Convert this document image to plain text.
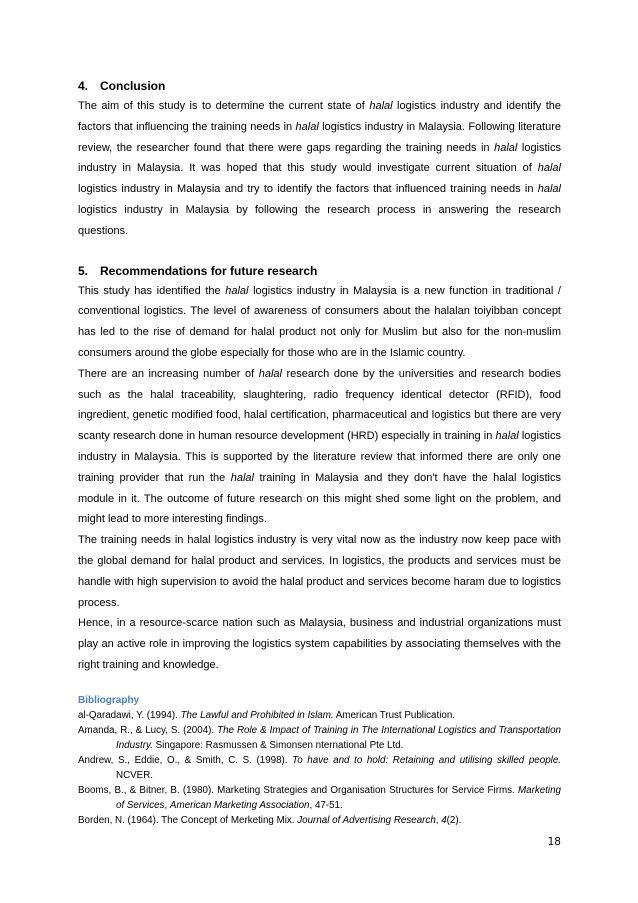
4. Conclusion

The aim of this study is to determine the current state of halal logistics industry and identify the factors that influencing the training needs in halal logistics industry in Malaysia. Following literature review, the researcher found that there were gaps regarding the training needs in halal logistics industry in Malaysia. It was hoped that this study would investigate current situation of halal logistics industry in Malaysia and try to identify the factors that influenced training needs in halal logistics industry in Malaysia by following the research process in answering the research questions.

5. Recommendations for future research

This study has identified the halal logistics industry in Malaysia is a new function in traditional / conventional logistics. The level of awareness of consumers about the halalan toiyibban concept has led to the rise of demand for halal product not only for Muslim but also for the non-muslim consumers around the globe especially for those who are in the Islamic country.

There are an increasing number of halal research done by the universities and research bodies such as the halal traceability, slaughtering, radio frequency identical detector (RFID), food ingredient, genetic modified food, halal certification, pharmaceutical and logistics but there are very scanty research done in human resource development (HRD) especially in training in halal logistics industry in Malaysia. This is supported by the literature review that informed there are only one training provider that run the halal training in Malaysia and they don't have the halal logistics module in it. The outcome of future research on this might shed some light on the problem, and might lead to more interesting findings.

The training needs in halal logistics industry is very vital now as the industry now keep pace with the global demand for halal product and services. In logistics, the products and services must be handle with high supervision to avoid the halal product and services become haram due to logistics process.

Hence, in a resource-scarce nation such as Malaysia, business and industrial organizations must play an active role in improving the logistics system capabilities by associating themselves with the right training and knowledge.

Bibliography

al-Qaradawi, Y. (1994). The Lawful and Prohibited in Islam. American Trust Publication.

Amanda, R., & Lucy, S. (2004). The Role & Impact of Training in The International Logistics and Transportation Industry. Singapore: Rasmussen & Simonsen nternational Pte Ltd.

Andrew, S., Eddie, O., & Smith, C. S. (1998). To have and to hold: Retaining and utilising skilled people. NCVER.

Booms, B., & Bitner, B. (1980). Marketing Strategies and Organisation Structures for Service Firms. Marketing of Services, American Marketing Association, 47-51.

Borden, N. (1964). The Concept of Merketing Mix. Journal of Advertising Research, 4(2).

18
